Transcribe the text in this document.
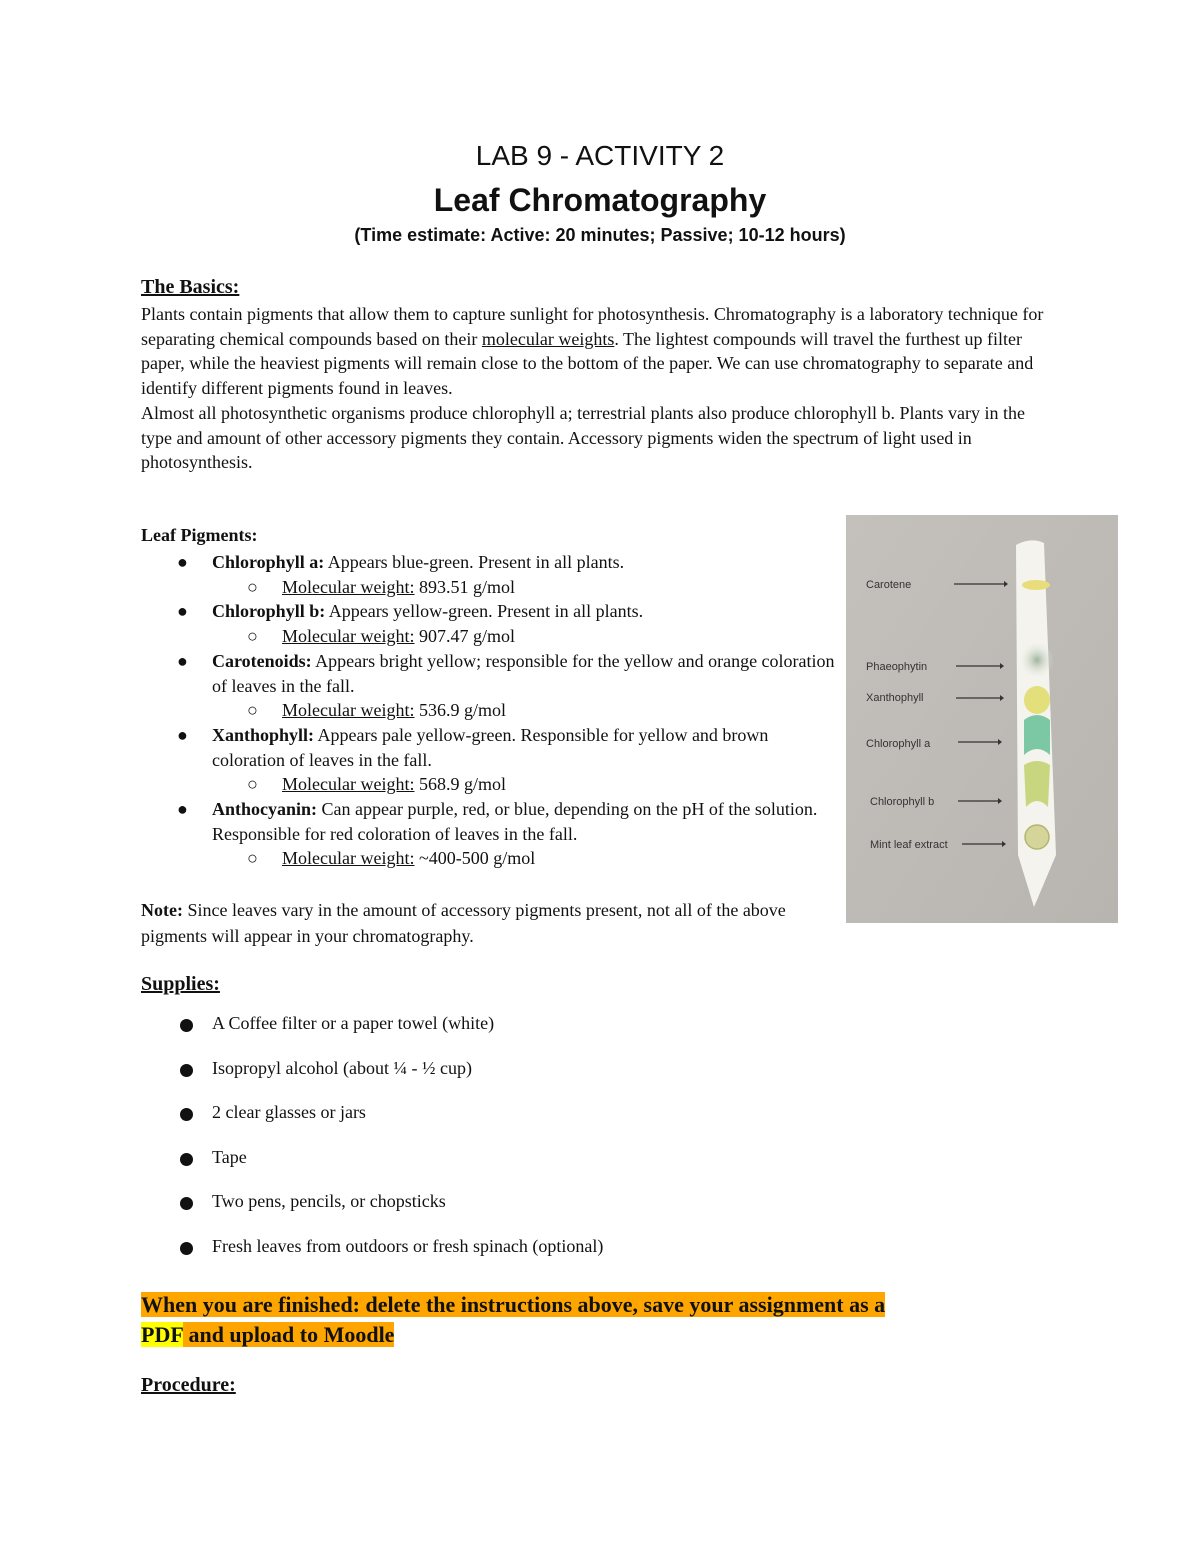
LAB 9 - ACTIVITY 2
Leaf Chromatography
(Time estimate: Active: 20 minutes; Passive; 10-12 hours)
The Basics:

Plants contain pigments that allow them to capture sunlight for photosynthesis. Chromatography is a laboratory technique for separating chemical compounds based on their molecular weights. The lightest compounds will travel the furthest up filter paper, while the heaviest pigments will remain close to the bottom of the paper. We can use chromatography to separate and identify different pigments found in leaves.

Almost all photosynthetic organisms produce chlorophyll a; terrestrial plants also produce chlorophyll b. Plants vary in the type and amount of other accessory pigments they contain. Accessory pigments widen the spectrum of light used in photosynthesis.

Leaf Pigments:
● Chlorophyll a: Appears blue-green. Present in all plants.
○ Molecular weight: 893.51 g/mol
● Chlorophyll b: Appears yellow-green. Present in all plants.
○ Molecular weight: 907.47 g/mol
● Carotenoids: Appears bright yellow; responsible for the yellow and orange coloration of leaves in the fall.
○ Molecular weight: 536.9 g/mol
● Xanthophyll: Appears pale yellow-green. Responsible for yellow and brown coloration of leaves in the fall.
○ Molecular weight: 568.9 g/mol
● Anthocyanin: Can appear purple, red, or blue, depending on the pH of the solution. Responsible for red coloration of leaves in the fall.
○ Molecular weight: ~400-500 g/mol
Note: Since leaves vary in the amount of accessory pigments present, not all of the above pigments will appear in your chromatography.
Carotene
Phaeophytin
Xanthophyll
Chlorophyll a
Chlorophyll b
Mint leaf extract
Supplies:
A Coffee filter or a paper towel (white)
Isopropyl alcohol (about ¼ - ½ cup)
2 clear glasses or jars
Tape
Two pens, pencils, or chopsticks
Fresh leaves from outdoors or fresh spinach (optional)
When you are finished: delete the instructions above, save your assignment as a
PDF and upload to Moodle
Procedure:
